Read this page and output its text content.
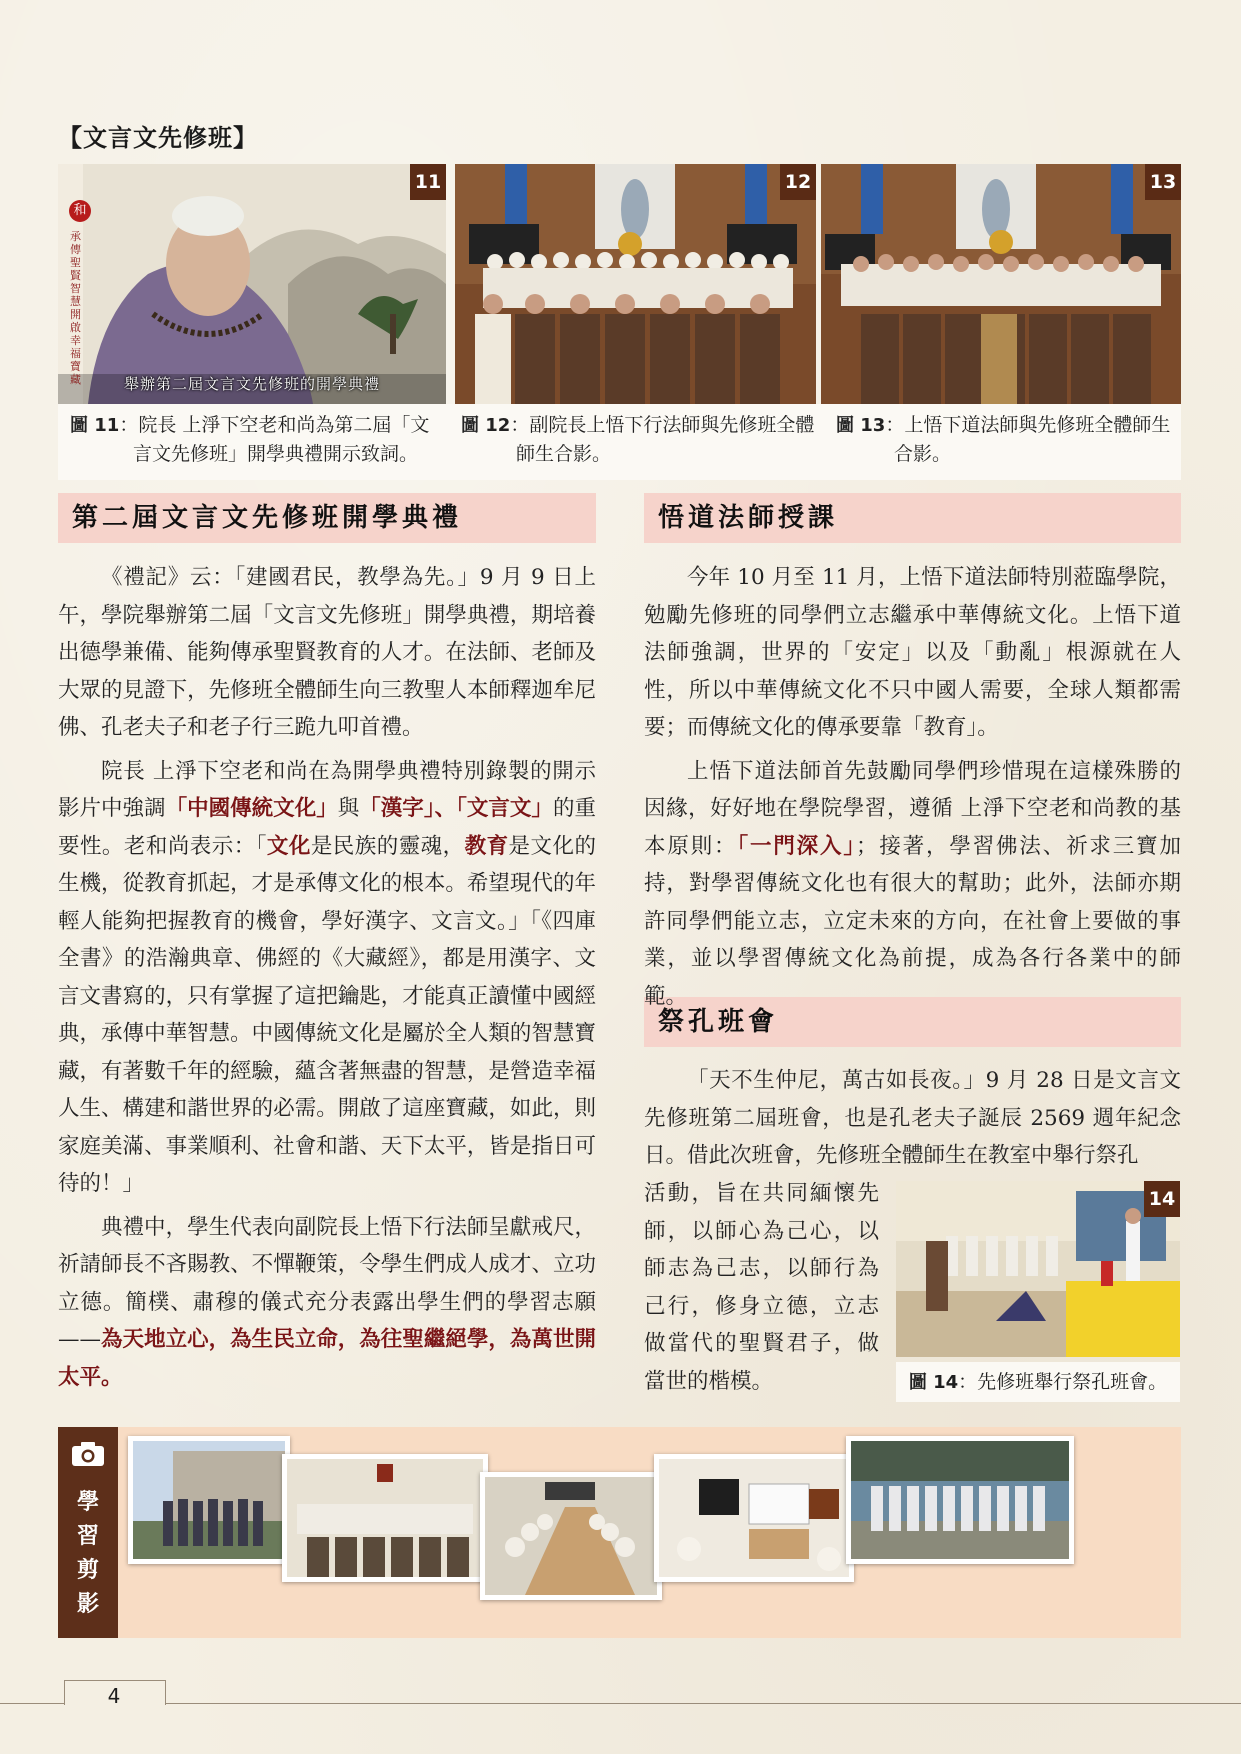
【文言文先修班】
和
承傳聖賢智慧 開啟幸福寶藏	舉辦第二屆文言文先修班的開學典禮
11	12	13
圖 11：院長 上淨下空老和尚為第二屆「文
言文先修班」開學典禮開示致詞。
圖 12：副院長上悟下行法師與先修班全體
師生合影。
圖 13：上悟下道法師與先修班全體師生
合影。
第二屆文言文先修班開學典禮	悟道法師授課
祭孔班會

《禮記》云：「建國君民，教學為先。」9 月 9 日上午，學院舉辦第二屆「文言文先修班」開學典禮，期培養出德學兼備、能夠傳承聖賢教育的人才。在法師、老師及大眾的見證下，先修班全體師生向三教聖人本師釋迦牟尼佛、孔老夫子和老子行三跪九叩首禮。

院長 上淨下空老和尚在為開學典禮特別錄製的開示影片中強調「中國傳統文化」與「漢字」、「文言文」的重要性。老和尚表示：「文化是民族的靈魂，教育是文化的生機，從教育抓起，才是承傳文化的根本。希望現代的年輕人能夠把握教育的機會，學好漢字、文言文。」「《四庫全書》的浩瀚典章、佛經的《大藏經》，都是用漢字、文言文書寫的，只有掌握了這把鑰匙，才能真正讀懂中國經典，承傳中華智慧。中國傳統文化是屬於全人類的智慧寶藏，有著數千年的經驗，蘊含著無盡的智慧，是營造幸福人生、構建和諧世界的必需。開啟了這座寶藏，如此，則家庭美滿、事業順利、社會和諧、天下太平，皆是指日可待的！」

典禮中，學生代表向副院長上悟下行法師呈獻戒尺，祈請師長不吝賜教、不憚鞭策，令學生們成人成才、立功立德。簡樸、肅穆的儀式充分表露出學生們的學習志願——為天地立心，為生民立命，為往聖繼絕學，為萬世開太平。

今年 10 月至 11 月，上悟下道法師特別蒞臨學院，勉勵先修班的同學們立志繼承中華傳統文化。上悟下道法師強調，世界的「安定」以及「動亂」根源就在人性，所以中華傳統文化不只中國人需要，全球人類都需要；而傳統文化的傳承要靠「教育」。

上悟下道法師首先鼓勵同學們珍惜現在這樣殊勝的因緣，好好地在學院學習，遵循 上淨下空老和尚教的基本原則：「一門深入」；接著，學習佛法、祈求三寶加持，對學習傳統文化也有很大的幫助；此外，法師亦期許同學們能立志，立定未來的方向，在社會上要做的事業，並以學習傳統文化為前提，成為各行各業中的師範。

「天不生仲尼，萬古如長夜。」9 月 28 日是文言文先修班第二屆班會，也是孔老夫子誕辰 2569 週年紀念日。借此次班會，先修班全體師生在教室中舉行祭孔

活動，旨在共同緬懷先師，以師心為己心，以師志為己志，以師行為己行，修身立德，立志做當代的聖賢君子，做當世的楷模。

14
圖 14：先修班舉行祭孔班會。
學
習
剪
影
4
